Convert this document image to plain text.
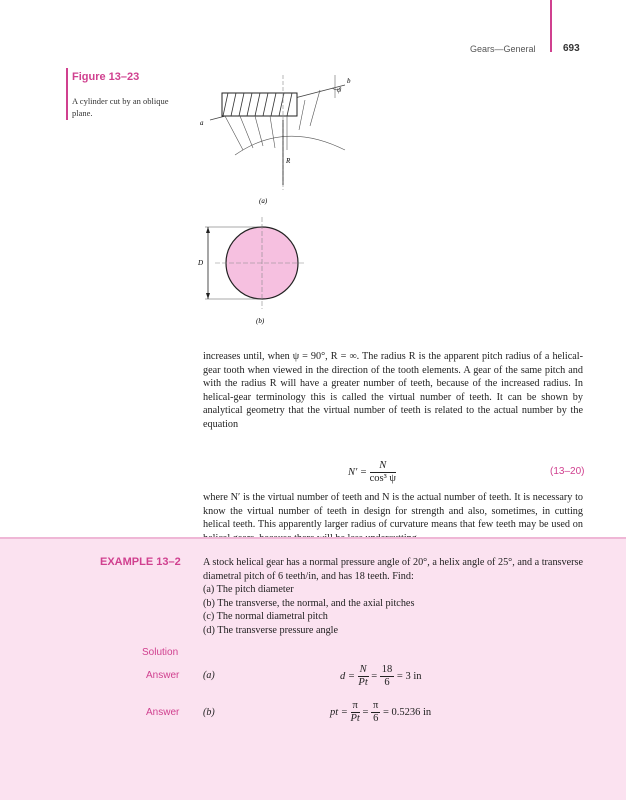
Gears—General	693
Figure 13–23
A cylinder cut by an oblique plane.
a
b
ψ
R
(a)
D
(b)

increases until, when ψ = 90°, R = ∞. The radius R is the apparent pitch radius of a helical-gear tooth when viewed in the direction of the tooth elements. A gear of the same pitch and with the radius R will have a greater number of teeth, because of the increased radius. In helical-gear terminology this is called the virtual number of teeth. It can be shown by analytical geometry that the virtual number of teeth is related to the actual number by the equation

$N' = \frac{N}{\text{cos³ ψ}}$	(13–20)
where N′ is the virtual number of teeth and N is the actual number of teeth. It is necessary to know the virtual number of teeth in design for strength and also, sometimes, in cutting helical teeth. This apparently larger radius of curvature means that few teeth may be used on
EXAMPLE 13–2 A stock helical gear has a normal pressure angle of 20°, a helix angle of 25°, and a transverse diametral pitch of 6 teeth/in, and has 18 teeth. Find:

(a) The pitch diameter

(b) The transverse, the normal, and the axial pitches

(c) The normal diametral pitch

(d) The transverse pressure angle

Solution
Answer
Answer
(a)
(b)
$d = \frac{N}{Pt} = \frac{18}{6} = 3$ in
pt = $\frac{\pi}{Pt} = \frac{\pi}{6} = 0.5236$ in
